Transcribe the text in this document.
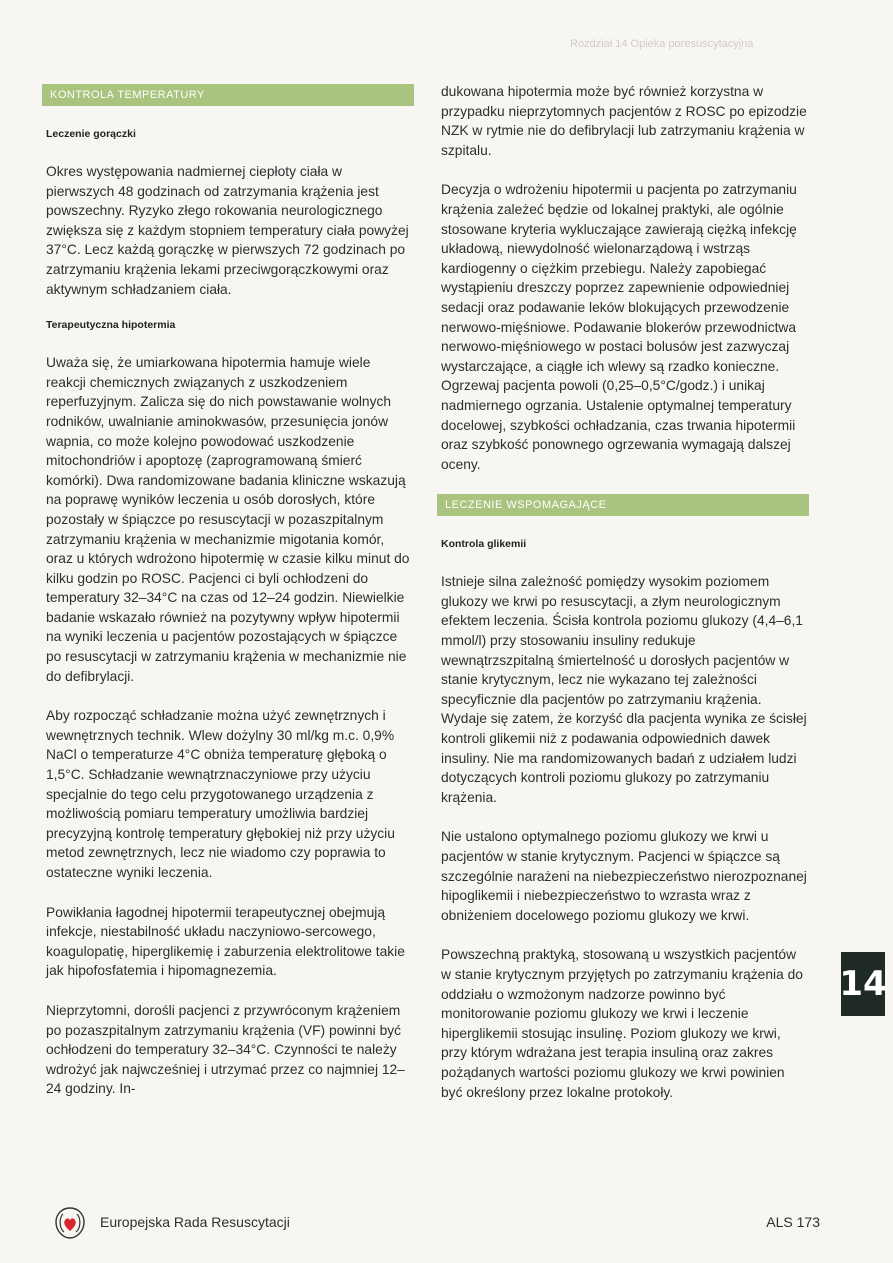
Rozdział 14 Opieka poresuscytacyjna
KONTROLA TEMPERATURY
Leczenie gorączki

Okres występowania nadmiernej ciepłoty ciała w pierwszych 48 godzinach od zatrzymania krążenia jest powszechny. Ryzyko złego rokowania neurologicznego zwiększa się z każdym stopniem temperatury ciała powyżej 37°C. Lecz każdą gorączkę w pierwszych 72 godzinach po zatrzymaniu krążenia lekami przeciwgorączkowymi oraz aktywnym schładzaniem ciała.

Terapeutyczna hipotermia

Uważa się, że umiarkowana hipotermia hamuje wiele reakcji chemicznych związanych z uszkodzeniem reperfuzyjnym. Zalicza się do nich powstawanie wolnych rodników, uwalnianie aminokwasów, przesunięcia jonów wapnia, co może kolejno powodować uszkodzenie mitochondriów i apoptozę (zaprogramowaną śmierć komórki). Dwa randomizowane badania kliniczne wskazują na poprawę wyników leczenia u osób dorosłych, które pozostały w śpiączce po resuscytacji w pozaszpitalnym zatrzymaniu krążenia w mechanizmie migotania komór, oraz u których wdrożono hipotermię w czasie kilku minut do kilku godzin po ROSC. Pacjenci ci byli ochłodzeni do temperatury 32–34°C na czas od 12–24 godzin. Niewielkie badanie wskazało również na pozytywny wpływ hipotermii na wyniki leczenia u pacjentów pozostających w śpiączce po resuscytacji w zatrzymaniu krążenia w mechanizmie nie do defibrylacji.

Aby rozpocząć schładzanie można użyć zewnętrznych i wewnętrznych technik. Wlew dożylny 30 ml/kg m.c. 0,9% NaCl o temperaturze 4°C obniża temperaturę głęboką o 1,5°C. Schładzanie wewnątrznaczyniowe przy użyciu specjalnie do tego celu przygotowanego urządzenia z możliwością pomiaru temperatury umożliwia bardziej precyzyjną kontrolę temperatury głębokiej niż przy użyciu metod zewnętrznych, lecz nie wiadomo czy poprawia to ostateczne wyniki leczenia.

Powikłania łagodnej hipotermii terapeutycznej obejmują infekcje, niestabilność układu naczyniowo-sercowego, koagulopatię, hiperglikemię i zaburzenia elektrolitowe takie jak hipofosfatemia i hipomagnezemia.

Nieprzytomni, dorośli pacjenci z przywróconym krążeniem po pozaszpitalnym zatrzymaniu krążenia (VF) powinni być ochłodzeni do temperatury 32–34°C. Czynności te należy wdrożyć jak najwcześniej i utrzymać przez co najmniej 12–24 godziny. In-

dukowana hipotermia może być również korzystna w przypadku nieprzytomnych pacjentów z ROSC po epizodzie NZK w rytmie nie do defibrylacji lub zatrzymaniu krążenia w szpitalu.

Decyzja o wdrożeniu hipotermii u pacjenta po zatrzymaniu krążenia zależeć będzie od lokalnej praktyki, ale ogólnie stosowane kryteria wykluczające zawierają ciężką infekcję układową, niewydolność wielonarządową i wstrząs kardiogenny o ciężkim przebiegu. Należy zapobiegać wystąpieniu dreszczy poprzez zapewnienie odpowiedniej sedacji oraz podawanie leków blokujących przewodzenie nerwowo-mięśniowe. Podawanie blokerów przewodnictwa nerwowo-mięśniowego w postaci bolusów jest zazwyczaj wystarczające, a ciągłe ich wlewy są rzadko konieczne. Ogrzewaj pacjenta powoli (0,25–0,5°C/godz.) i unikaj nadmiernego ogrzania. Ustalenie optymalnej temperatury docelowej, szybkości ochładzania, czas trwania hipotermii oraz szybkość ponownego ogrzewania wymagają dalszej oceny.

LECZENIE WSPOMAGAJĄCE
Kontrola glikemii

Istnieje silna zależność pomiędzy wysokim poziomem glukozy we krwi po resuscytacji, a złym neurologicznym efektem leczenia. Ścisła kontrola poziomu glukozy (4,4–6,1 mmol/l) przy stosowaniu insuliny redukuje wewnątrzszpitalną śmiertelność u dorosłych pacjentów w stanie krytycznym, lecz nie wykazano tej zależności specyficznie dla pacjentów po zatrzymaniu krążenia. Wydaje się zatem, że korzyść dla pacjenta wynika ze ścisłej kontroli glikemii niż z podawania odpowiednich dawek insuliny. Nie ma randomizowanych badań z udziałem ludzi dotyczących kontroli poziomu glukozy po zatrzymaniu krążenia.

Nie ustalono optymalnego poziomu glukozy we krwi u pacjentów w stanie krytycznym. Pacjenci w śpiączce są szczególnie narażeni na niebezpieczeństwo nierozpoznanej hipoglikemii i niebezpieczeństwo to wzrasta wraz z obniżeniem docelowego poziomu glukozy we krwi.

Powszechną praktyką, stosowaną u wszystkich pacjentów w stanie krytycznym przyjętych po zatrzymaniu krążenia do oddziału o wzmożonym nadzorze powinno być monitorowanie poziomu glukozy we krwi i leczenie hiperglikemii stosując insulinę. Poziom glukozy we krwi, przy którym wdrażana jest terapia insuliną oraz zakres pożądanych wartości poziomu glukozy we krwi powinien być określony przez lokalne protokoły.

14
Europejska Rada Resuscytacji	ALS 173
